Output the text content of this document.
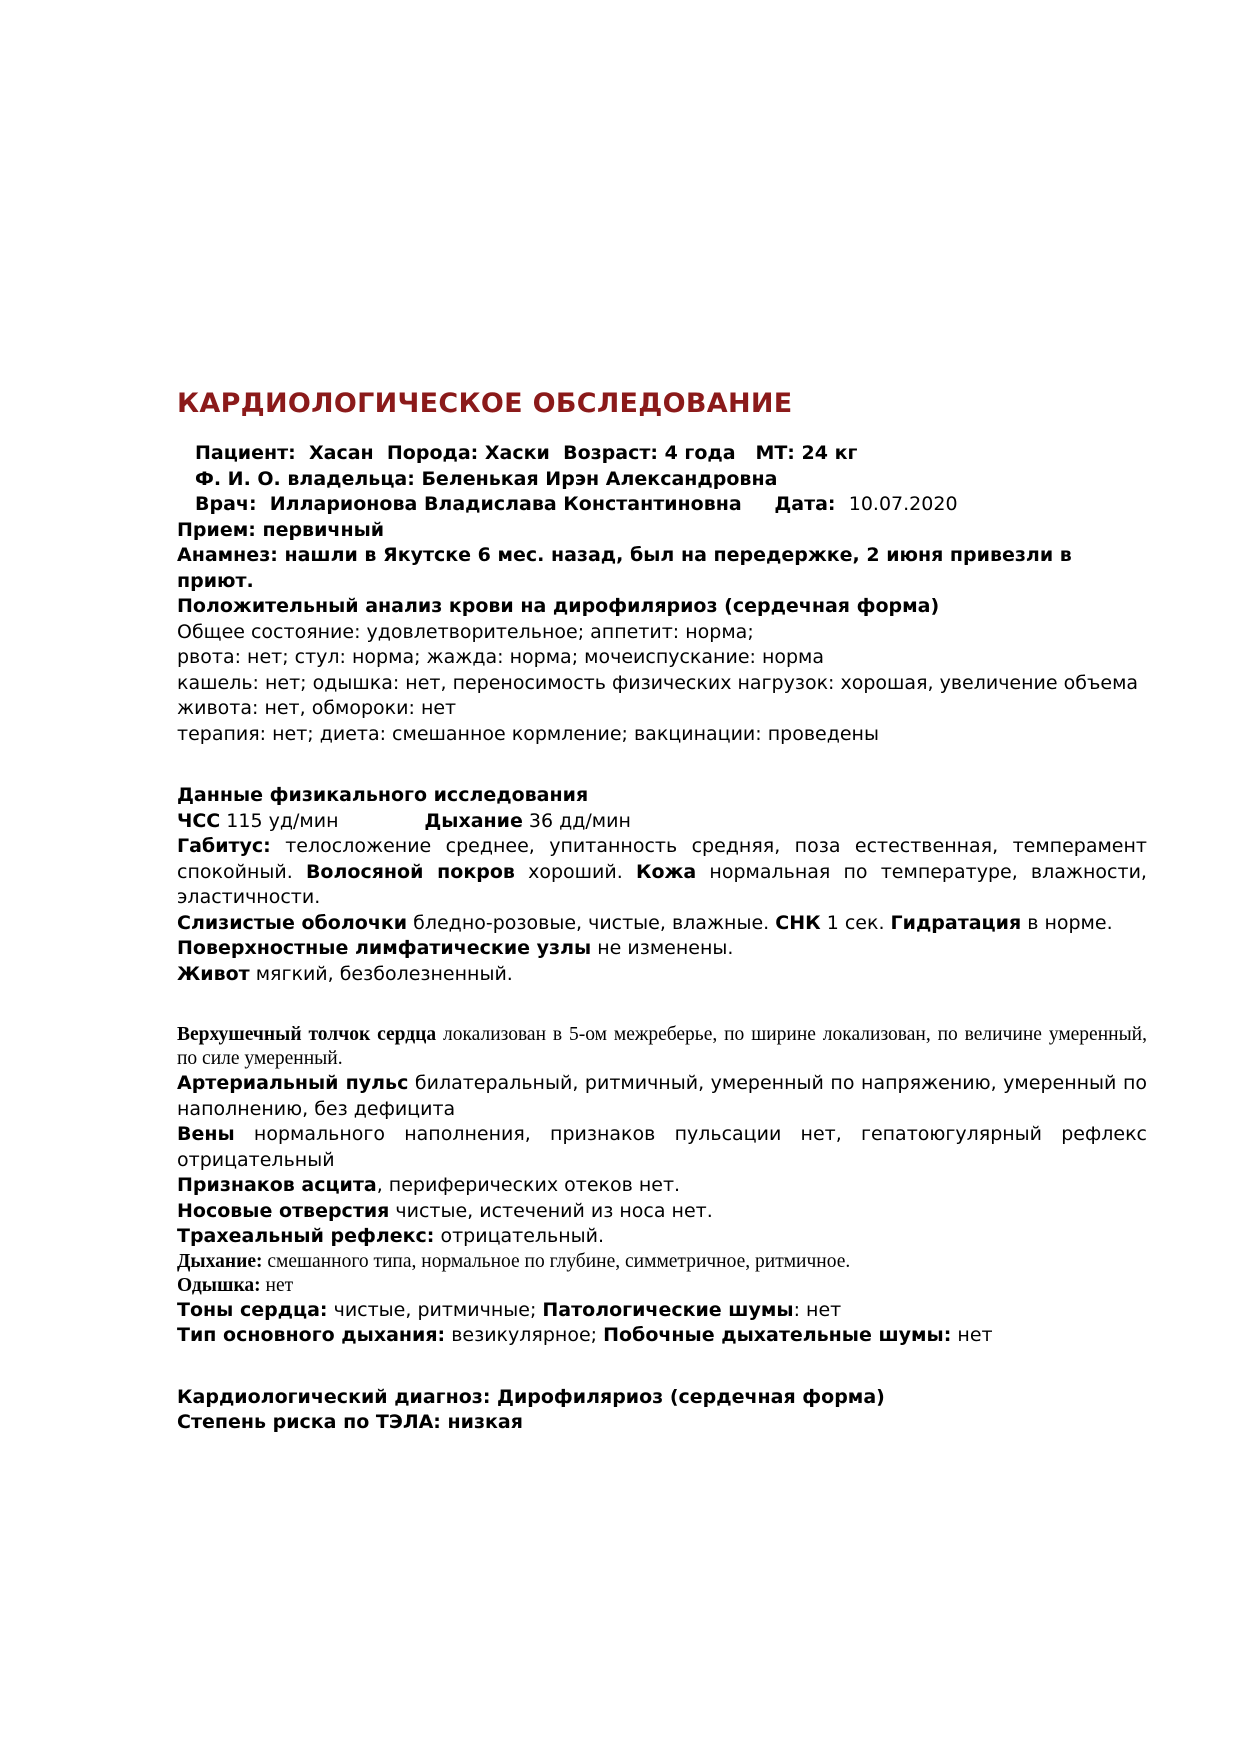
КАРДИОЛОГИЧЕСКОЕ ОБСЛЕДОВАНИЕ
Пациент: Хасан Порода: Хаски Возраст: 4 года МТ: 24 кг
Ф. И. О. владельца: Беленькая Ирэн Александровна
Врач: Илларионова Владислава Константиновна Дата: 10.07.2020
Прием: первичный
Анамнез: нашли в Якутске 6 мес. назад, был на передержке, 2 июня привезли в приют.
Положительный анализ крови на дирофиляриоз (сердечная форма)
Общее состояние: удовлетворительное; аппетит: норма;
рвота: нет; стул: норма; жажда: норма; мочеиспускание: норма
кашель: нет; одышка: нет, переносимость физических нагрузок: хорошая, увеличение объема живота: нет, обмороки: нет
терапия: нет; диета: смешанное кормление; вакцинации: проведены
Данные физикального исследования
ЧСС 115 уд/мин	Дыхание 36 дд/мин
Габитус: телосложение среднее, упитанность средняя, поза естественная, темперамент спокойный. Волосяной покров хороший. Кожа нормальная по температуре, влажности, эластичности.
Слизистые оболочки бледно-розовые, чистые, влажные. СНК 1 сек. Гидратация в норме.
Поверхностные лимфатические узлы не изменены.
Живот мягкий, безболезненный.
Верхушечный толчок сердца локализован в 5-ом межреберье, по ширине локализован, по величине умеренный, по силе умеренный.
Артериальный пульс билатеральный, ритмичный, умеренный по напряжению, умеренный по наполнению, без дефицита
Вены нормального наполнения, признаков пульсации нет, гепатоюгулярный рефлекс отрицательный
Признаков асцита, периферических отеков нет.
Носовые отверстия чистые, истечений из носа нет.
Трахеальный рефлекс: отрицательный.
Дыхание: смешанного типа, нормальное по глубине, симметричное, ритмичное.
Одышка: нет
Тоны сердца: чистые, ритмичные; Патологические шумы: нет
Тип основного дыхания: везикулярное; Побочные дыхательные шумы: нет
Кардиологический диагноз: Дирофиляриоз (сердечная форма)
Степень риска по ТЭЛА: низкая
